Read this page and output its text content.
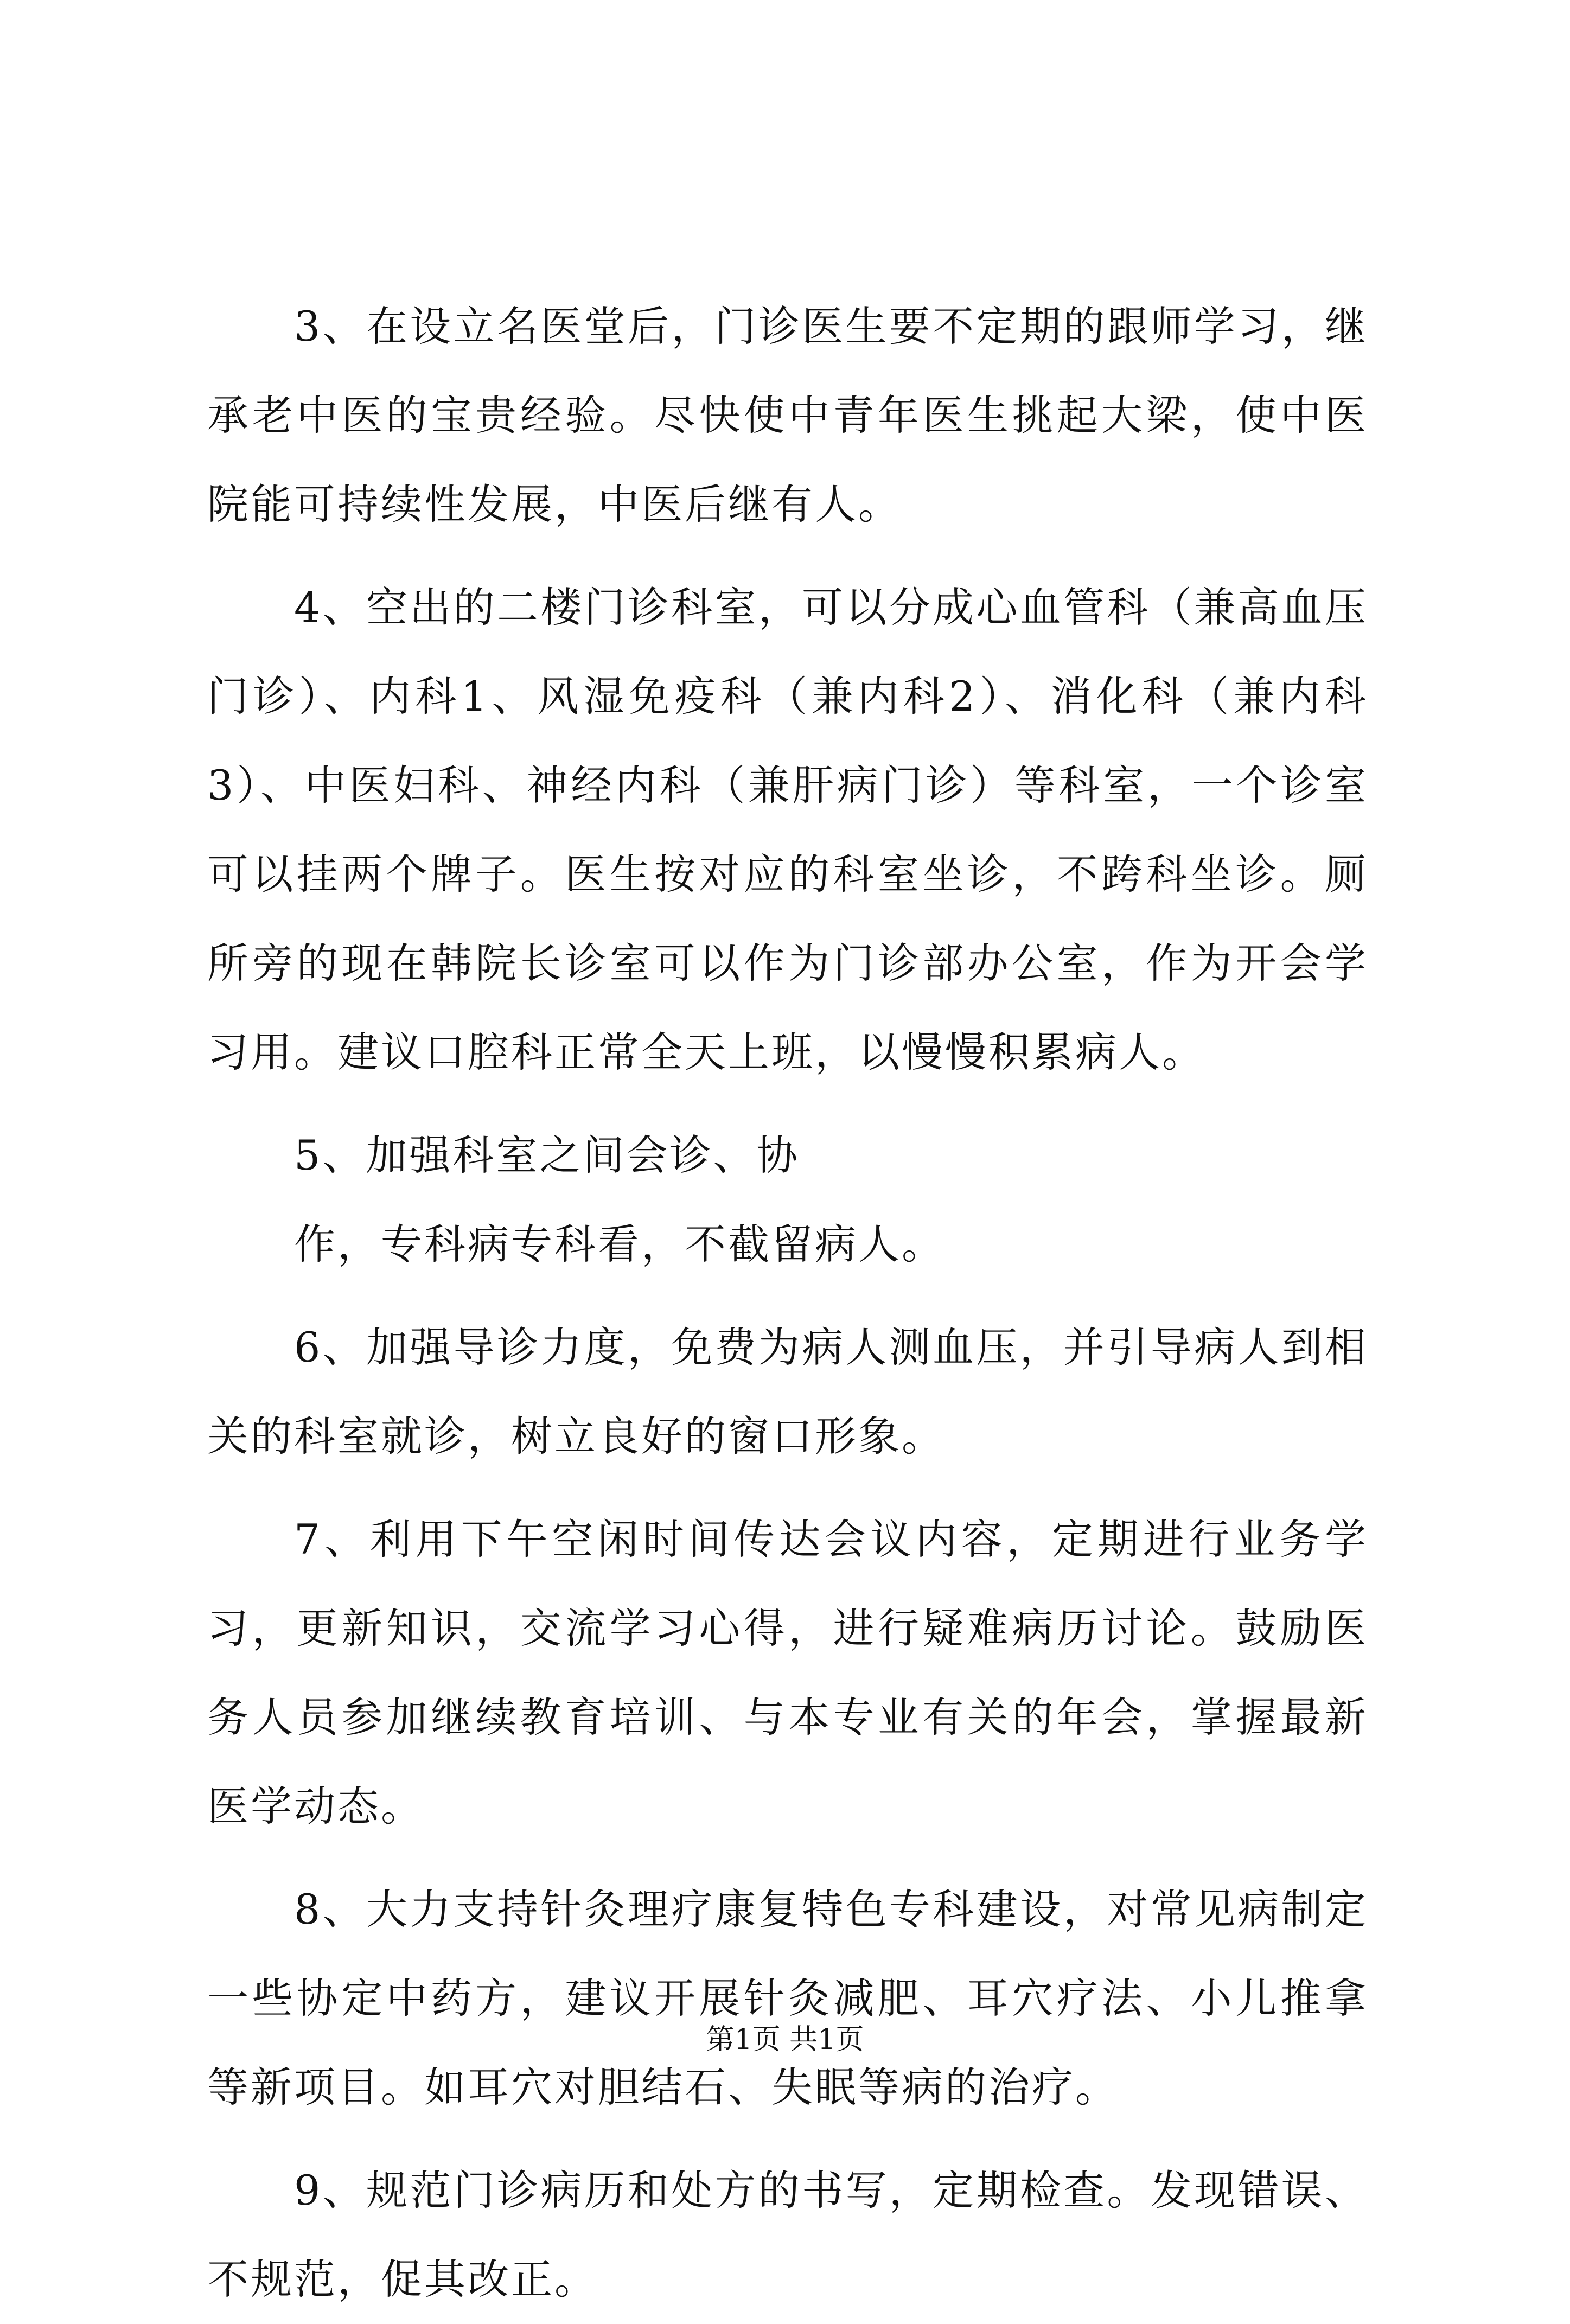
3、在设立名医堂后，门诊医生要不定期的跟师学习，继承老中医的宝贵经验。尽快使中青年医生挑起大梁，使中医院能可持续性发展，中医后继有人。

4、空出的二楼门诊科室，可以分成心血管科（兼高血压门诊）、内科1、风湿免疫科（兼内科2）、消化科（兼内科3）、中医妇科、神经内科（兼肝病门诊）等科室，一个诊室可以挂两个牌子。医生按对应的科室坐诊，不跨科坐诊。厕所旁的现在韩院长诊室可以作为门诊部办公室，作为开会学习用。建议口腔科正常全天上班，以慢慢积累病人。

5、加强科室之间会诊、协

作，专科病专科看，不截留病人。

6、加强导诊力度，免费为病人测血压，并引导病人到相关的科室就诊，树立良好的窗口形象。

7、利用下午空闲时间传达会议内容，定期进行业务学习，更新知识，交流学习心得，进行疑难病历讨论。鼓励医务人员参加继续教育培训、与本专业有关的年会，掌握最新医学动态。

8、大力支持针灸理疗康复特色专科建设，对常见病制定一些协定中药方，建议开展针灸减肥、耳穴疗法、小儿推拿等新项目。如耳穴对胆结石、失眠等病的治疗。

9、规范门诊病历和处方的书写，定期检查。发现错误、不规范，促其改正。

第1页 共1页
